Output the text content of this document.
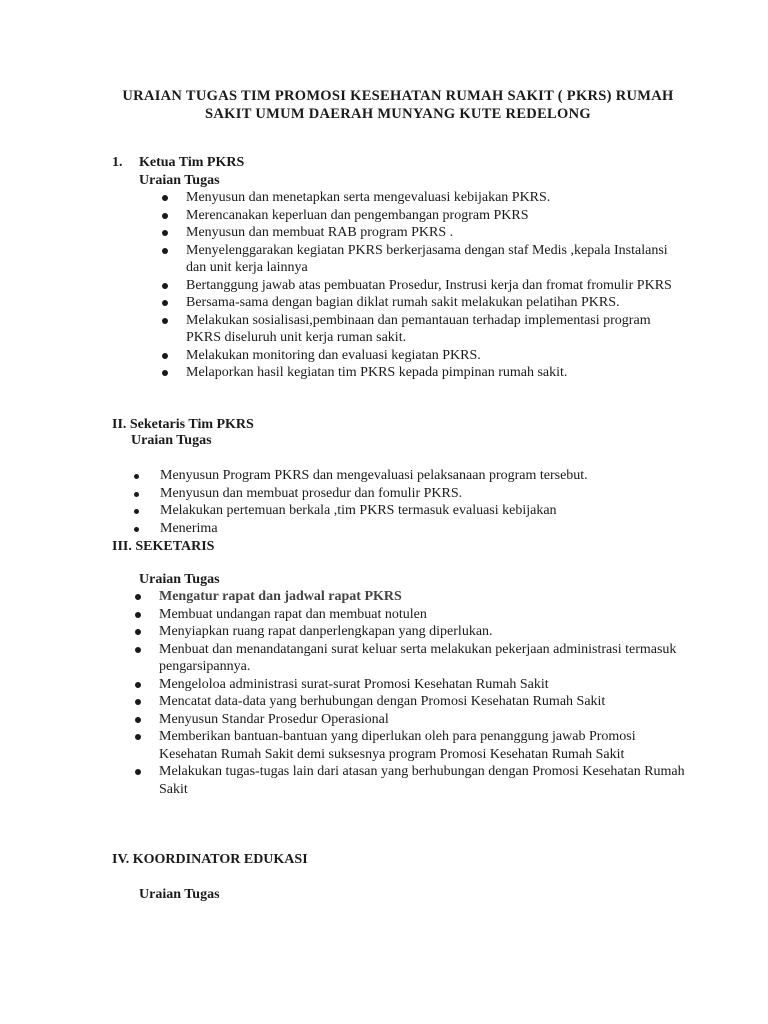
URAIAN TUGAS TIM PROMOSI KESEHATAN RUMAH SAKIT ( PKRS) RUMAH
SAKIT UMUM DAERAH MUNYANG KUTE REDELONG
1. Ketua Tim PKRS
Uraian Tugas
Menyusun dan menetapkan serta mengevaluasi kebijakan PKRS.
Merencanakan keperluan dan pengembangan program PKRS
Menyusun dan membuat RAB program PKRS .
Menyelenggarakan kegiatan PKRS berkerjasama dengan staf Medis ,kepala Instalansi dan unit kerja lainnya
Bertanggung jawab atas pembuatan Prosedur, Instrusi kerja dan fromat fromulir PKRS
Bersama-sama dengan bagian diklat rumah sakit melakukan pelatihan PKRS.
Melakukan sosialisasi,pembinaan dan pemantauan terhadap implementasi program PKRS diseluruh unit kerja ruman sakit.
Melakukan monitoring dan evaluasi kegiatan PKRS.
Melaporkan hasil kegiatan tim PKRS kepada pimpinan rumah sakit.
II. Seketaris Tim PKRS
Uraian Tugas
Menyusun Program PKRS dan mengevaluasi pelaksanaan program tersebut.
Menyusun dan membuat prosedur dan fomulir PKRS.
Melakukan pertemuan berkala ,tim PKRS termasuk evaluasi kebijakan
Menerima
III. SEKETARIS
Uraian Tugas
Mengatur rapat dan jadwal rapat PKRS
Membuat undangan rapat dan membuat notulen
Menyiapkan ruang rapat danperlengkapan yang diperlukan.
Menbuat dan menandatangani surat keluar serta melakukan pekerjaan administrasi termasuk pengarsipannya.
Mengeloloa administrasi surat-surat Promosi Kesehatan Rumah Sakit
Mencatat data-data yang berhubungan dengan Promosi Kesehatan Rumah Sakit
Menyusun Standar Prosedur Operasional
Memberikan bantuan-bantuan yang diperlukan oleh para penanggung jawab Promosi Kesehatan Rumah Sakit demi suksesnya program Promosi Kesehatan Rumah Sakit
Melakukan tugas-tugas lain dari atasan yang berhubungan dengan Promosi Kesehatan Rumah Sakit
IV. KOORDINATOR EDUKASI
Uraian Tugas
